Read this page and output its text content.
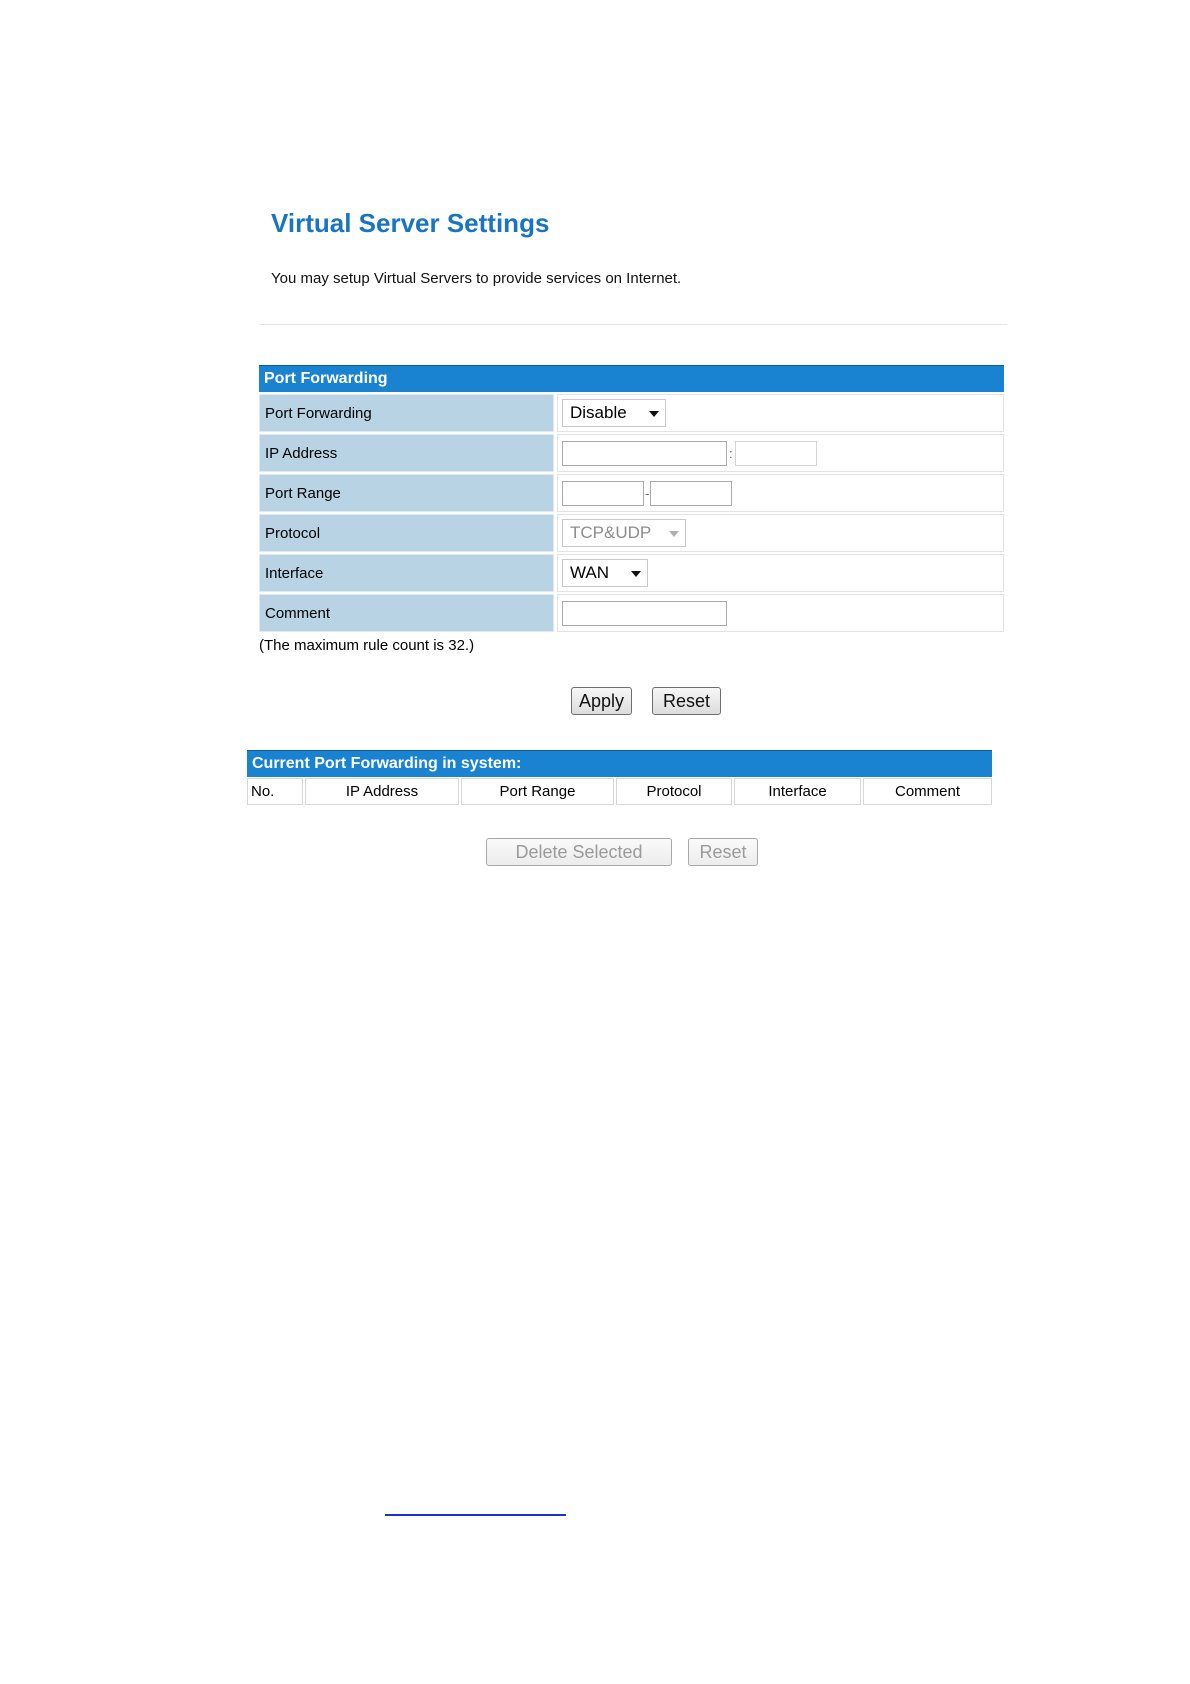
Virtual Server Settings
You may setup Virtual Servers to provide services on Internet.
Port Forwarding
Port Forwarding	Disable
IP Address	:
Port Range	-
Protocol	TCP&UDP
Interface	WAN
Comment
(The maximum rule count is 32.)
Apply	Reset
Current Port Forwarding in system:
No.	IP Address	Port Range	Protocol	Interface	Comment
Delete Selected	Reset
